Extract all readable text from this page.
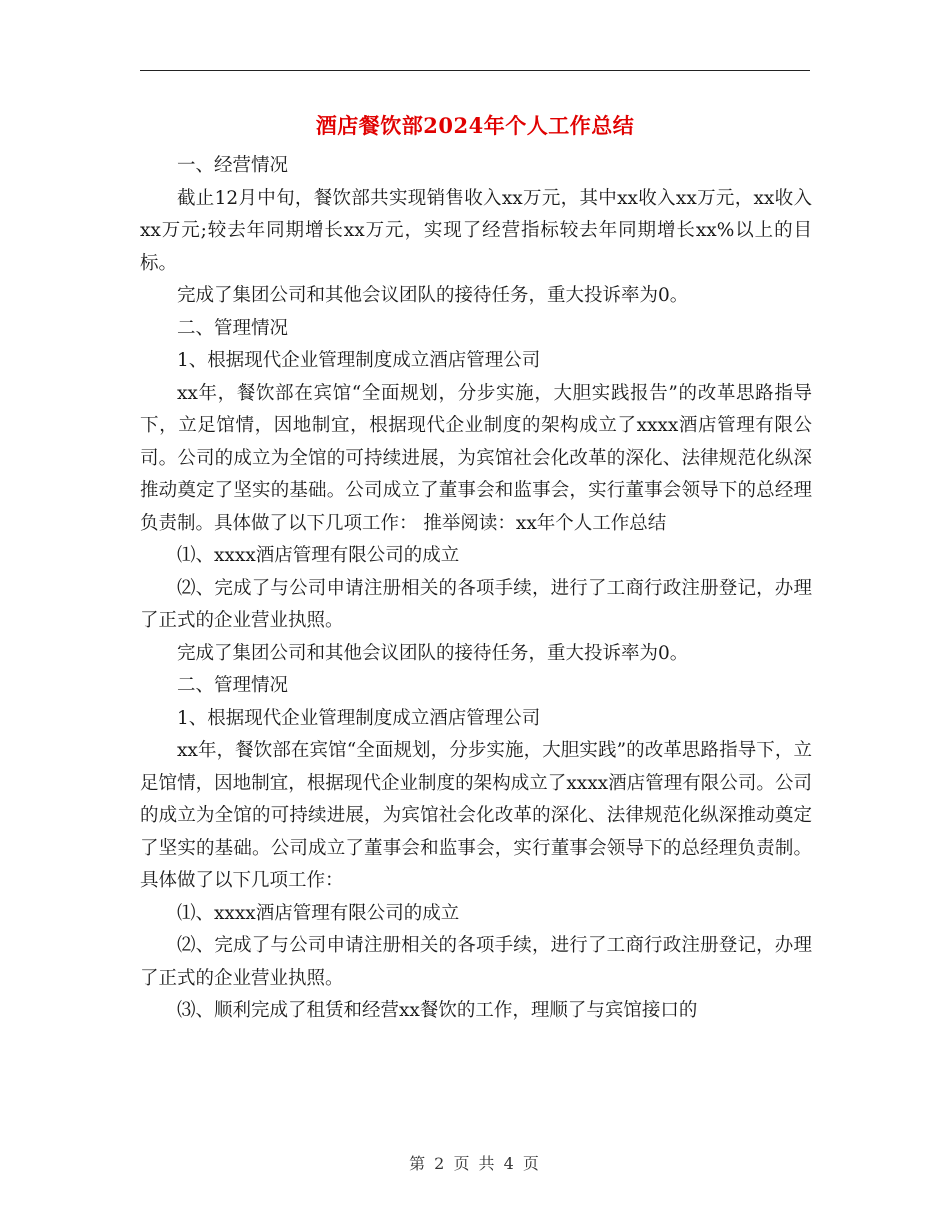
酒店餐饮部2024年个人工作总结

一、经营情况

截止12月中旬，餐饮部共实现销售收入xx万元，其中xx收入xx万元，xx收入xx万元;较去年同期增长xx万元，实现了经营指标较去年同期增长xx%以上的目标。

完成了集团公司和其他会议团队的接待任务，重大投诉率为0。

二、管理情况

1、根据现代企业管理制度成立酒店管理公司

xx年，餐饮部在宾馆“全面规划，分步实施，大胆实践报告”的改革思路指导下，立足馆情，因地制宜，根据现代企业制度的架构成立了xxxx酒店管理有限公司。公司的成立为全馆的可持续进展，为宾馆社会化改革的深化、法律规范化纵深推动奠定了坚实的基础。公司成立了董事会和监事会，实行董事会领导下的总经理负责制。具体做了以下几项工作： 推举阅读：xx年个人工作总结

⑴、xxxx酒店管理有限公司的成立

⑵、完成了与公司申请注册相关的各项手续，进行了工商行政注册登记，办理了正式的企业营业执照。

完成了集团公司和其他会议团队的接待任务，重大投诉率为0。

二、管理情况

1、根据现代企业管理制度成立酒店管理公司

xx年，餐饮部在宾馆“全面规划，分步实施，大胆实践”的改革思路指导下，立足馆情，因地制宜，根据现代企业制度的架构成立了xxxx酒店管理有限公司。公司的成立为全馆的可持续进展，为宾馆社会化改革的深化、法律规范化纵深推动奠定了坚实的基础。公司成立了董事会和监事会，实行董事会领导下的总经理负责制。具体做了以下几项工作：

⑴、xxxx酒店管理有限公司的成立

⑵、完成了与公司申请注册相关的各项手续，进行了工商行政注册登记，办理了正式的企业营业执照。

⑶、顺利完成了租赁和经营xx餐饮的工作，理顺了与宾馆接口的

第 2 页 共 4 页
